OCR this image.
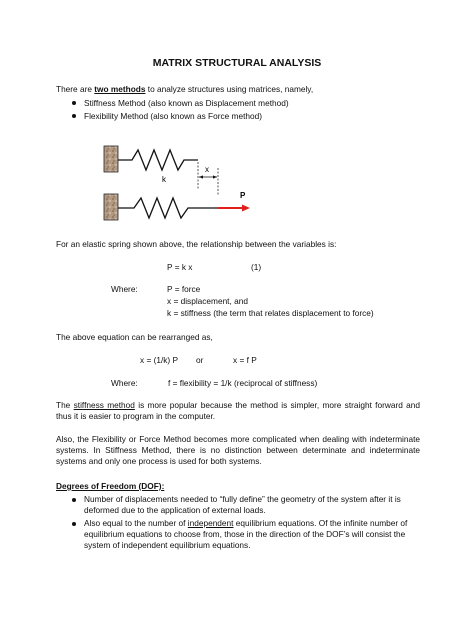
MATRIX STRUCTURAL ANALYSIS
There are two methods to analyze structures using matrices, namely,
Stiffness Method (also known as Displacement method)
Flexibility Method (also known as Force method)
k
x
P
For an elastic spring shown above, the relationship between the variables is:
P = k x	(1)
Where:	P = force
x = displacement, and
k = stiffness (the term that relates displacement to force)
The above equation can be rearranged as,
x = (1/k) P or	x = f P
Where:	f = flexibility = 1/k (reciprocal of stiffness)
The stiffness method is more popular because the method is simpler, more straight forward and thus it is easier to program in the computer.
Also, the Flexibility or Force Method becomes more complicated when dealing with indeterminate systems. In Stiffness Method, there is no distinction between determinate and indeterminate systems and only one process is used for both systems.
Degrees of Freedom (DOF):
Number of displacements needed to “fully define” the geometry of the system after it is deformed due to the application of external loads.
Also equal to the number of independent equilibrium equations. Of the infinite number of equilibrium equations to choose from, those in the direction of the DOF’s will consist the system of independent equilibrium equations.
